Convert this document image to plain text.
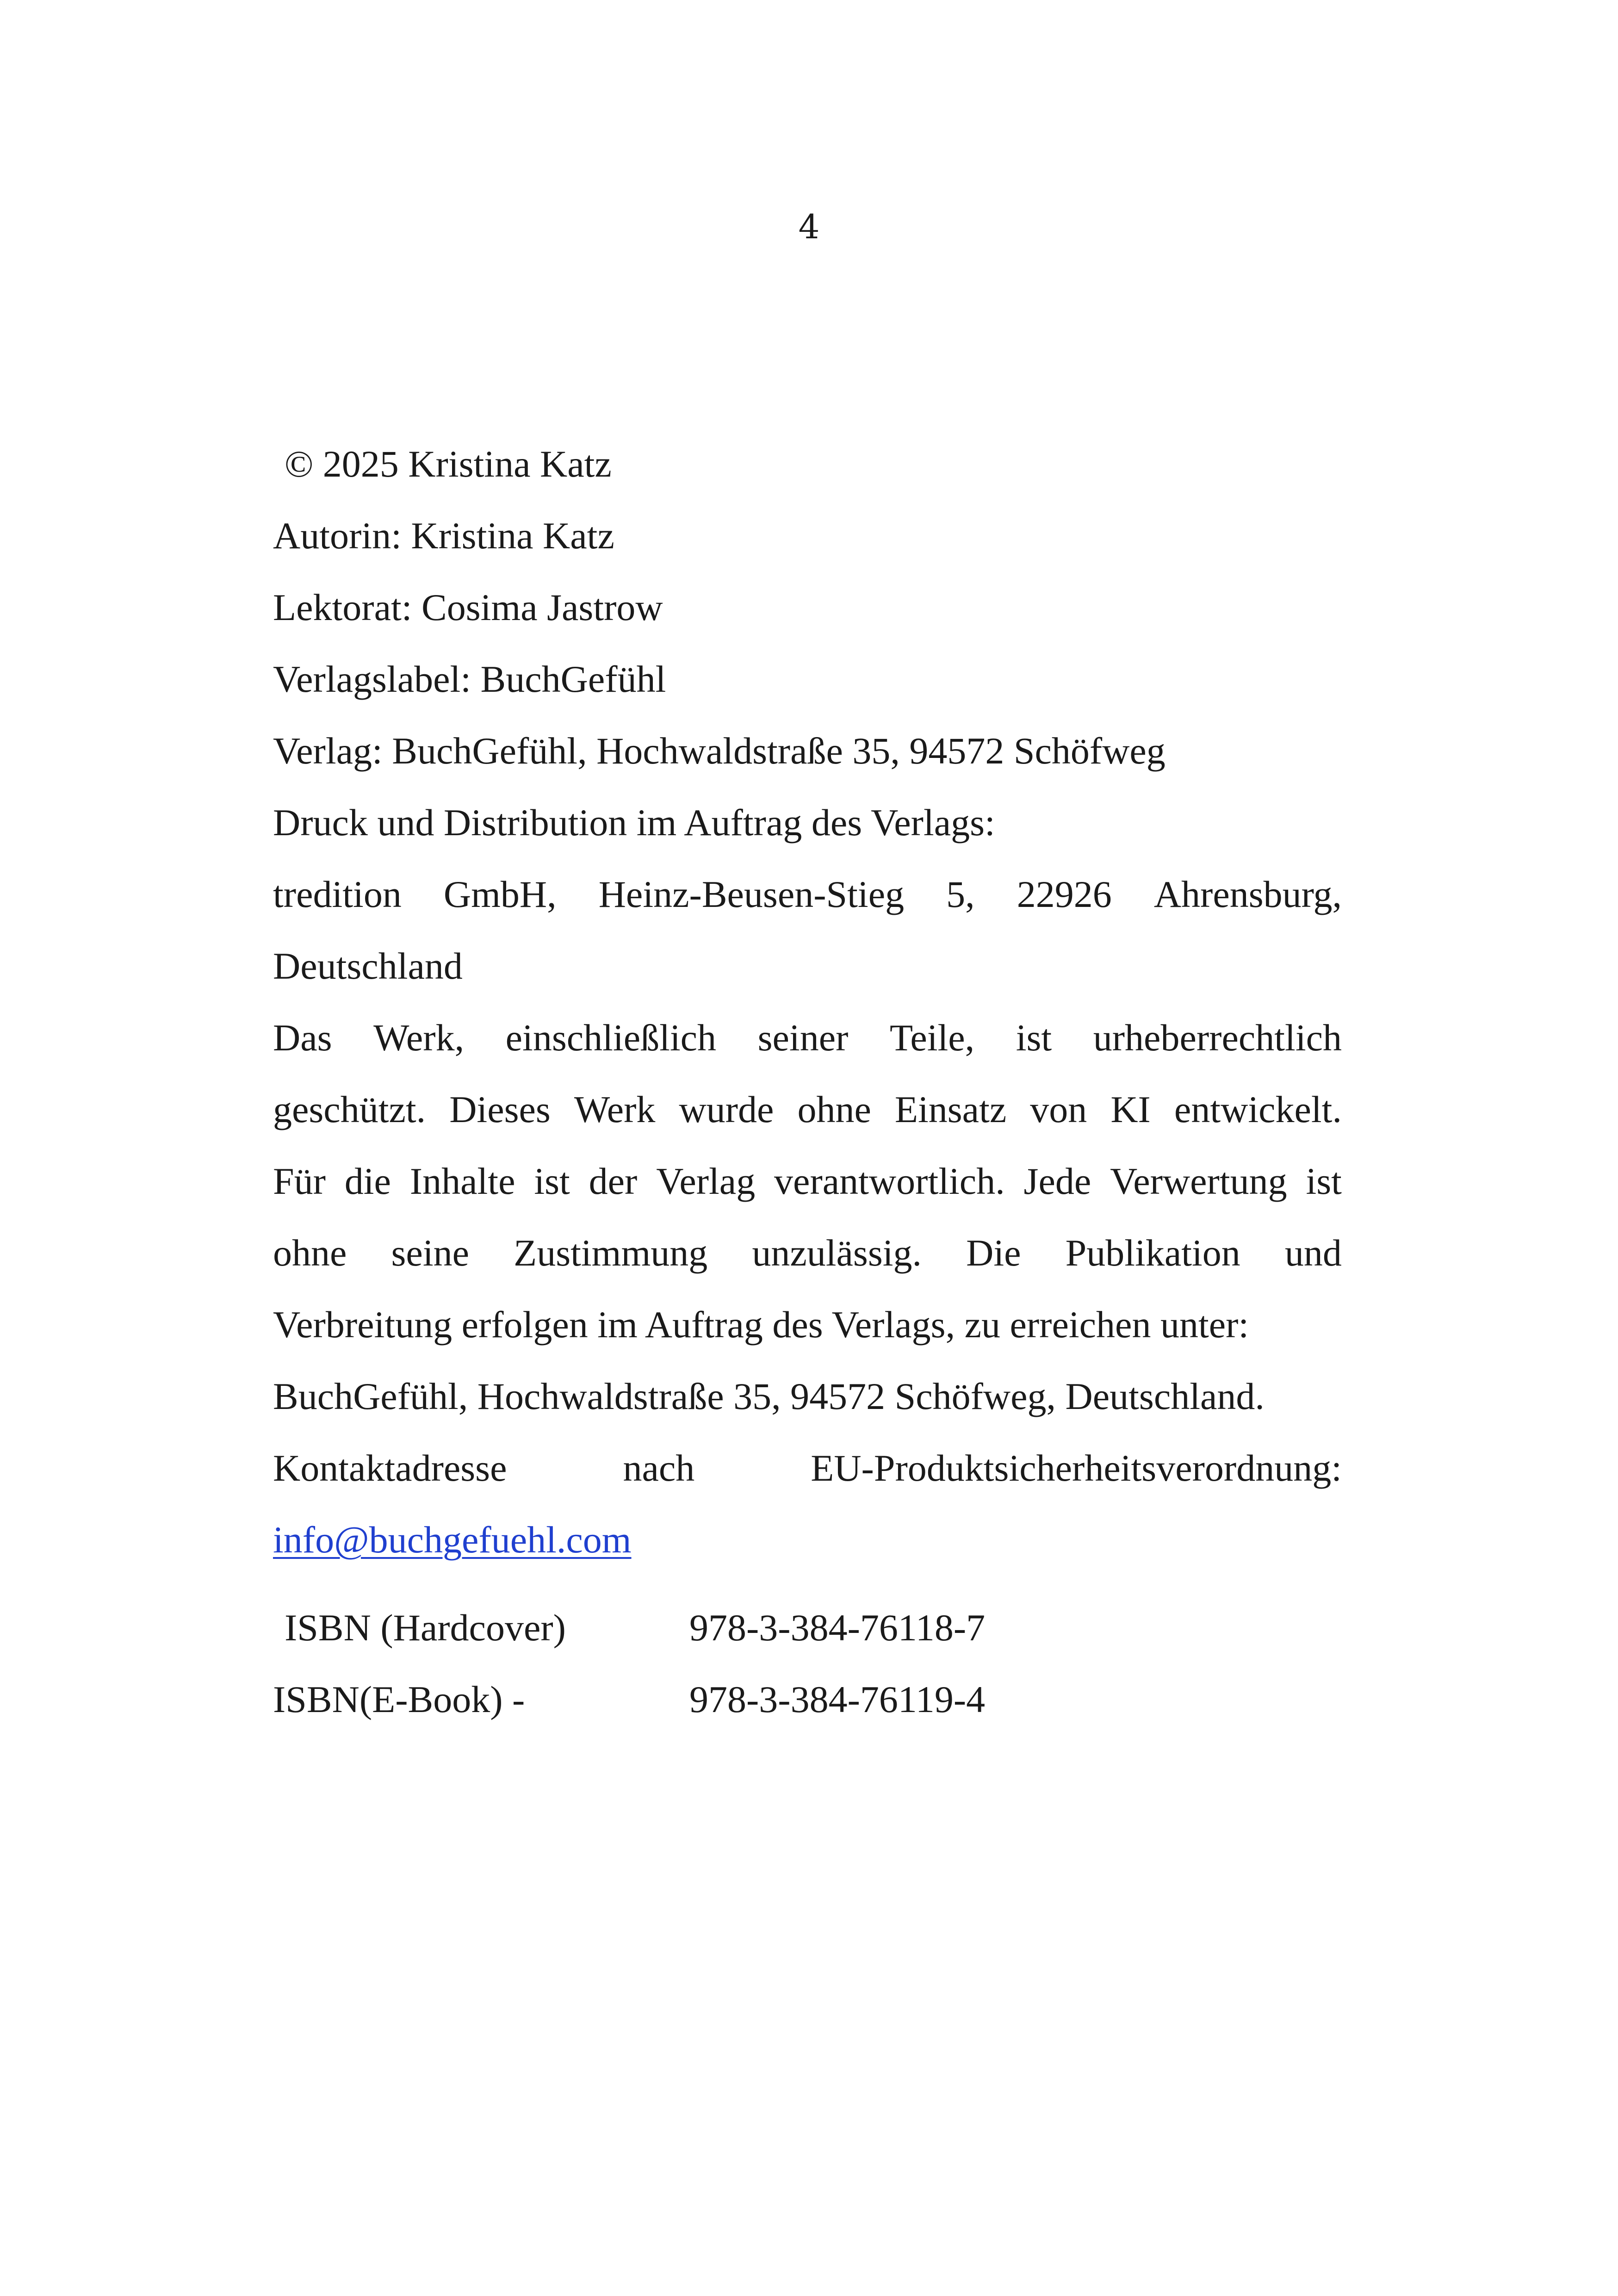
4
© 2025 Kristina Katz
Autorin: Kristina Katz
Lektorat: Cosima Jastrow
Verlagslabel: BuchGefühl
Verlag: BuchGefühl, Hochwaldstraße 35, 94572 Schöfweg
Druck und Distribution im Auftrag des Verlags:
tredition GmbH, Heinz-Beusen-Stieg 5, 22926 Ahrensburg,
Deutschland
Das Werk, einschließlich seiner Teile, ist urheberrechtlich
geschützt. Dieses Werk wurde ohne Einsatz von KI entwickelt.
Für die Inhalte ist der Verlag verantwortlich. Jede Verwertung ist
ohne seine Zustimmung unzulässig. Die Publikation und
Verbreitung erfolgen im Auftrag des Verlags, zu erreichen unter:
BuchGefühl, Hochwaldstraße 35, 94572 Schöfweg, Deutschland.
Kontaktadresse	nach	EU-Produktsicherheitsverordnung:
info@buchgefuehl.com
ISBN (Hardcover)	978-3-384-76118-7
ISBN(E-Book) -	978-3-384-76119-4
